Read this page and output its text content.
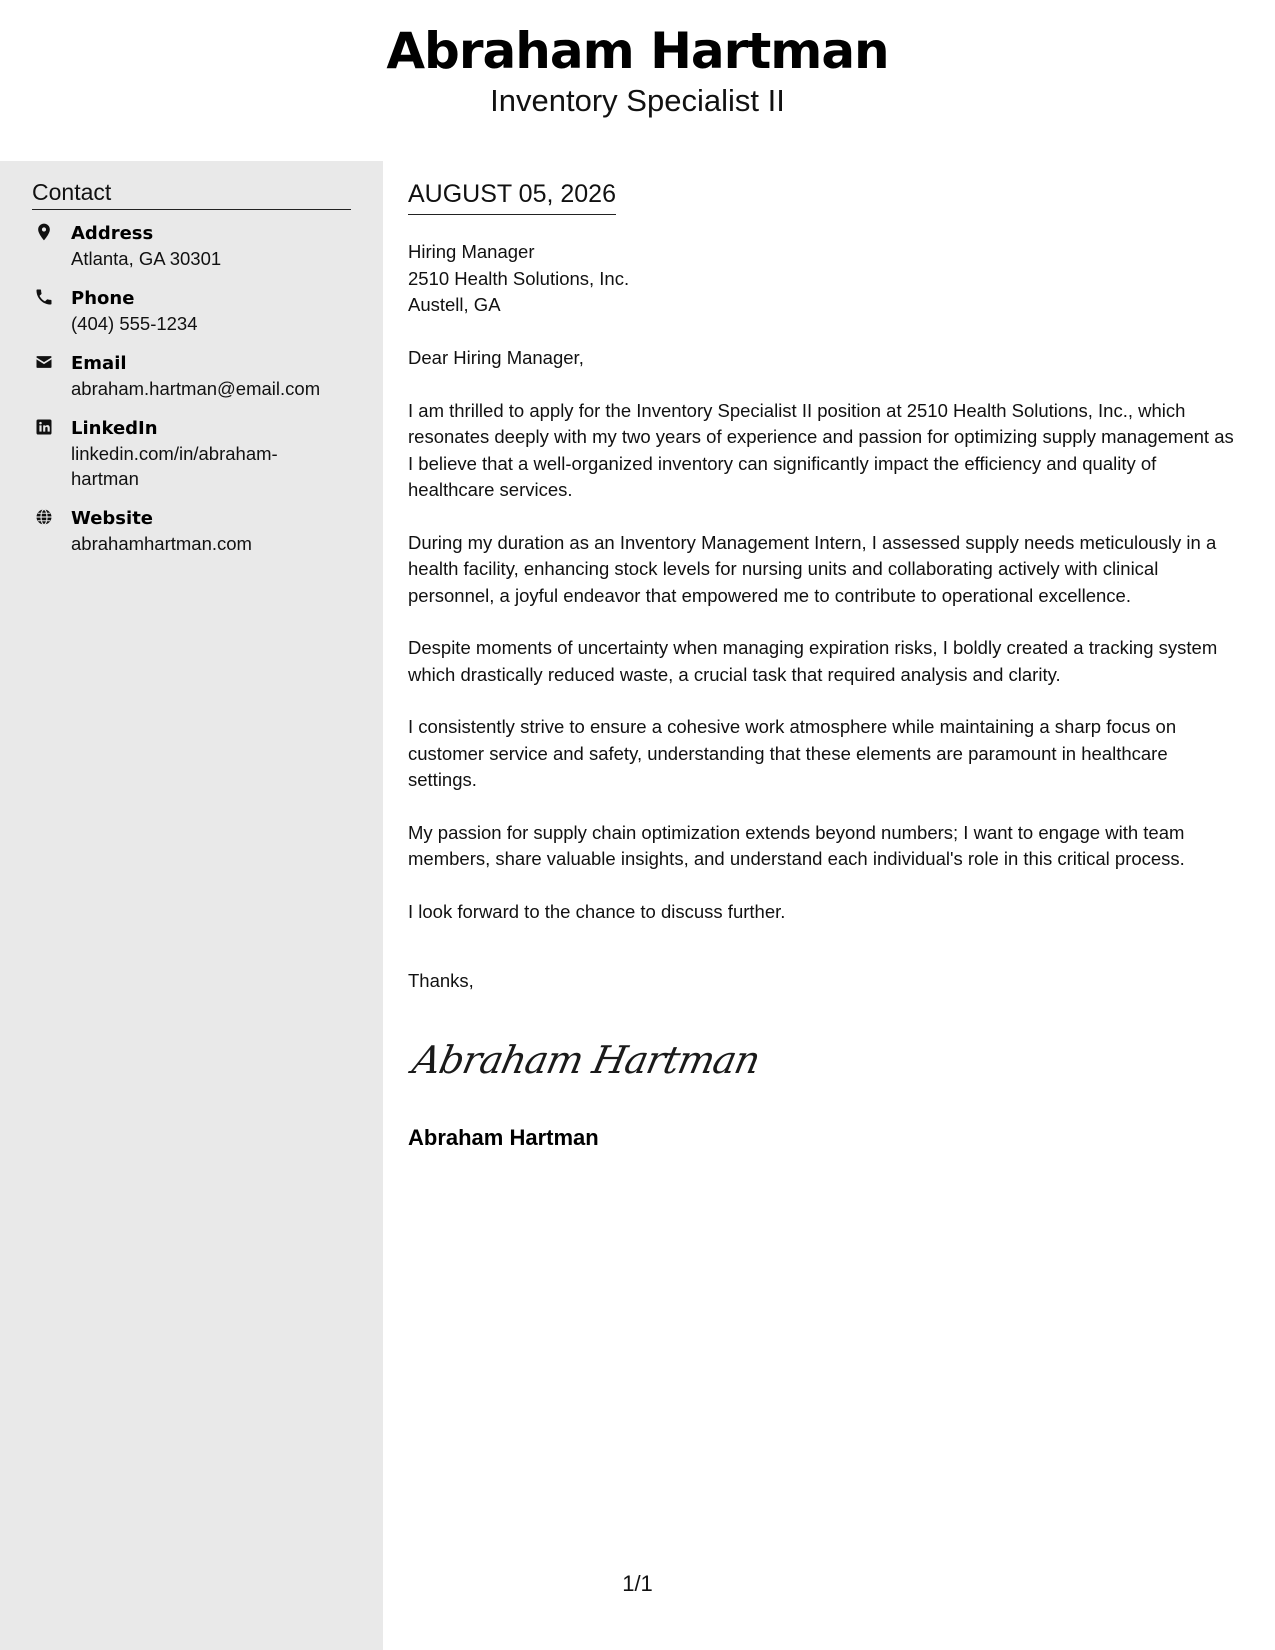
Abraham Hartman
Inventory Specialist II
Contact
Address
Atlanta, GA 30301
Phone
(404) 555-1234
Email
abraham.hartman@email.com
LinkedIn
linkedin.com/in/abraham-hartman
Website
abrahamhartman.com
AUGUST 05, 2026
Hiring Manager
2510 Health Solutions, Inc.
Austell, GA

Dear Hiring Manager,

I am thrilled to apply for the Inventory Specialist II position at 2510 Health Solutions, Inc., which resonates deeply with my two years of experience and passion for optimizing supply management as I believe that a well-organized inventory can significantly impact the efficiency and quality of healthcare services.

During my duration as an Inventory Management Intern, I assessed supply needs meticulously in a health facility, enhancing stock levels for nursing units and collaborating actively with clinical personnel, a joyful endeavor that empowered me to contribute to operational excellence.

Despite moments of uncertainty when managing expiration risks, I boldly created a tracking system which drastically reduced waste, a crucial task that required analysis and clarity.

I consistently strive to ensure a cohesive work atmosphere while maintaining a sharp focus on customer service and safety, understanding that these elements are paramount in healthcare settings.

My passion for supply chain optimization extends beyond numbers; I want to engage with team members, share valuable insights, and understand each individual's role in this critical process.

I look forward to the chance to discuss further.

Thanks,
Abraham Hartman
Abraham Hartman
1/1
